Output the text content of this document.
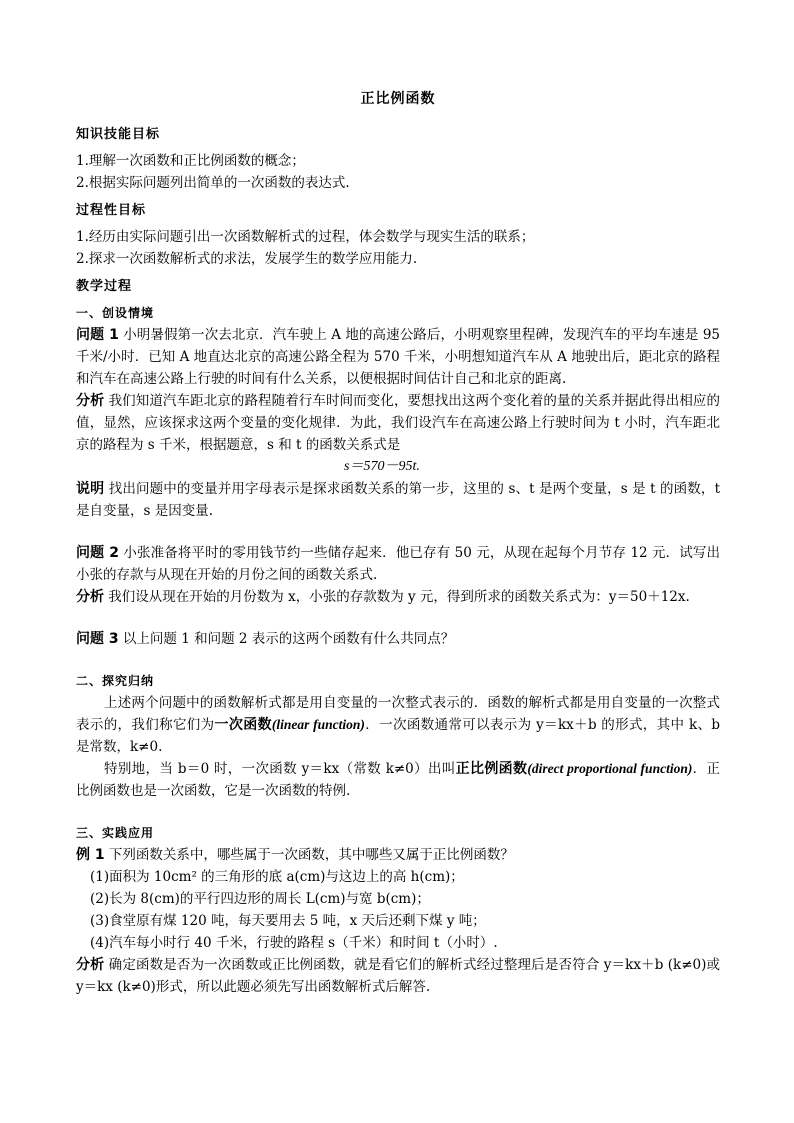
正比例函数
知识技能目标
1.理解一次函数和正比例函数的概念；
2.根据实际问题列出简单的一次函数的表达式.
过程性目标
1.经历由实际问题引出一次函数解析式的过程，体会数学与现实生活的联系；
2.探求一次函数解析式的求法，发展学生的数学应用能力.
教学过程
一、创设情境

问题 1 小明暑假第一次去北京．汽车驶上 A 地的高速公路后，小明观察里程碑，发现汽车的平均车速是 95 千米/小时．已知 A 地直达北京的高速公路全程为 570 千米，小明想知道汽车从 A 地驶出后，距北京的路程和汽车在高速公路上行驶的时间有什么关系，以便根据时间估计自己和北京的距离.

分析 我们知道汽车距北京的路程随着行车时间而变化，要想找出这两个变化着的量的关系并据此得出相应的值，显然，应该探求这两个变量的变化规律．为此，我们设汽车在高速公路上行驶时间为 t 小时，汽车距北京的路程为 s 千米，根据题意，s 和 t 的函数关系式是

s＝570－95t.

说明 找出问题中的变量并用字母表示是探求函数关系的第一步，这里的 s、t 是两个变量，s 是 t 的函数，t 是自变量，s 是因变量.

问题 2 小张准备将平时的零用钱节约一些储存起来．他已存有 50 元，从现在起每个月节存 12 元．试写出小张的存款与从现在开始的月份之间的函数关系式.

分析 我们设从现在开始的月份数为 x，小张的存款数为 y 元，得到所求的函数关系式为：y＝50＋12x.

问题 3 以上问题 1 和问题 2 表示的这两个函数有什么共同点？

二、探究归纳

上述两个问题中的函数解析式都是用自变量的一次整式表示的．函数的解析式都是用自变量的一次整式表示的，我们称它们为一次函数(linear function)．一次函数通常可以表示为 y＝kx＋b 的形式，其中 k、b 是常数，k≠0.

特别地，当 b＝0 时，一次函数 y＝kx（常数 k≠0）出叫正比例函数(direct proportional function)．正比例函数也是一次函数，它是一次函数的特例.

三、实践应用

例 1 下列函数关系中，哪些属于一次函数，其中哪些又属于正比例函数？

(1)面积为 10cm² 的三角形的底 a(cm)与这边上的高 h(cm)；
(2)长为 8(cm)的平行四边形的周长 L(cm)与宽 b(cm)；
(3)食堂原有煤 120 吨，每天要用去 5 吨，x 天后还剩下煤 y 吨；
(4)汽车每小时行 40 千米，行驶的路程 s（千米）和时间 t（小时）.

分析 确定函数是否为一次函数或正比例函数，就是看它们的解析式经过整理后是否符合 y＝kx＋b (k≠0)或 y＝kx (k≠0)形式，所以此题必须先写出函数解析式后解答.
